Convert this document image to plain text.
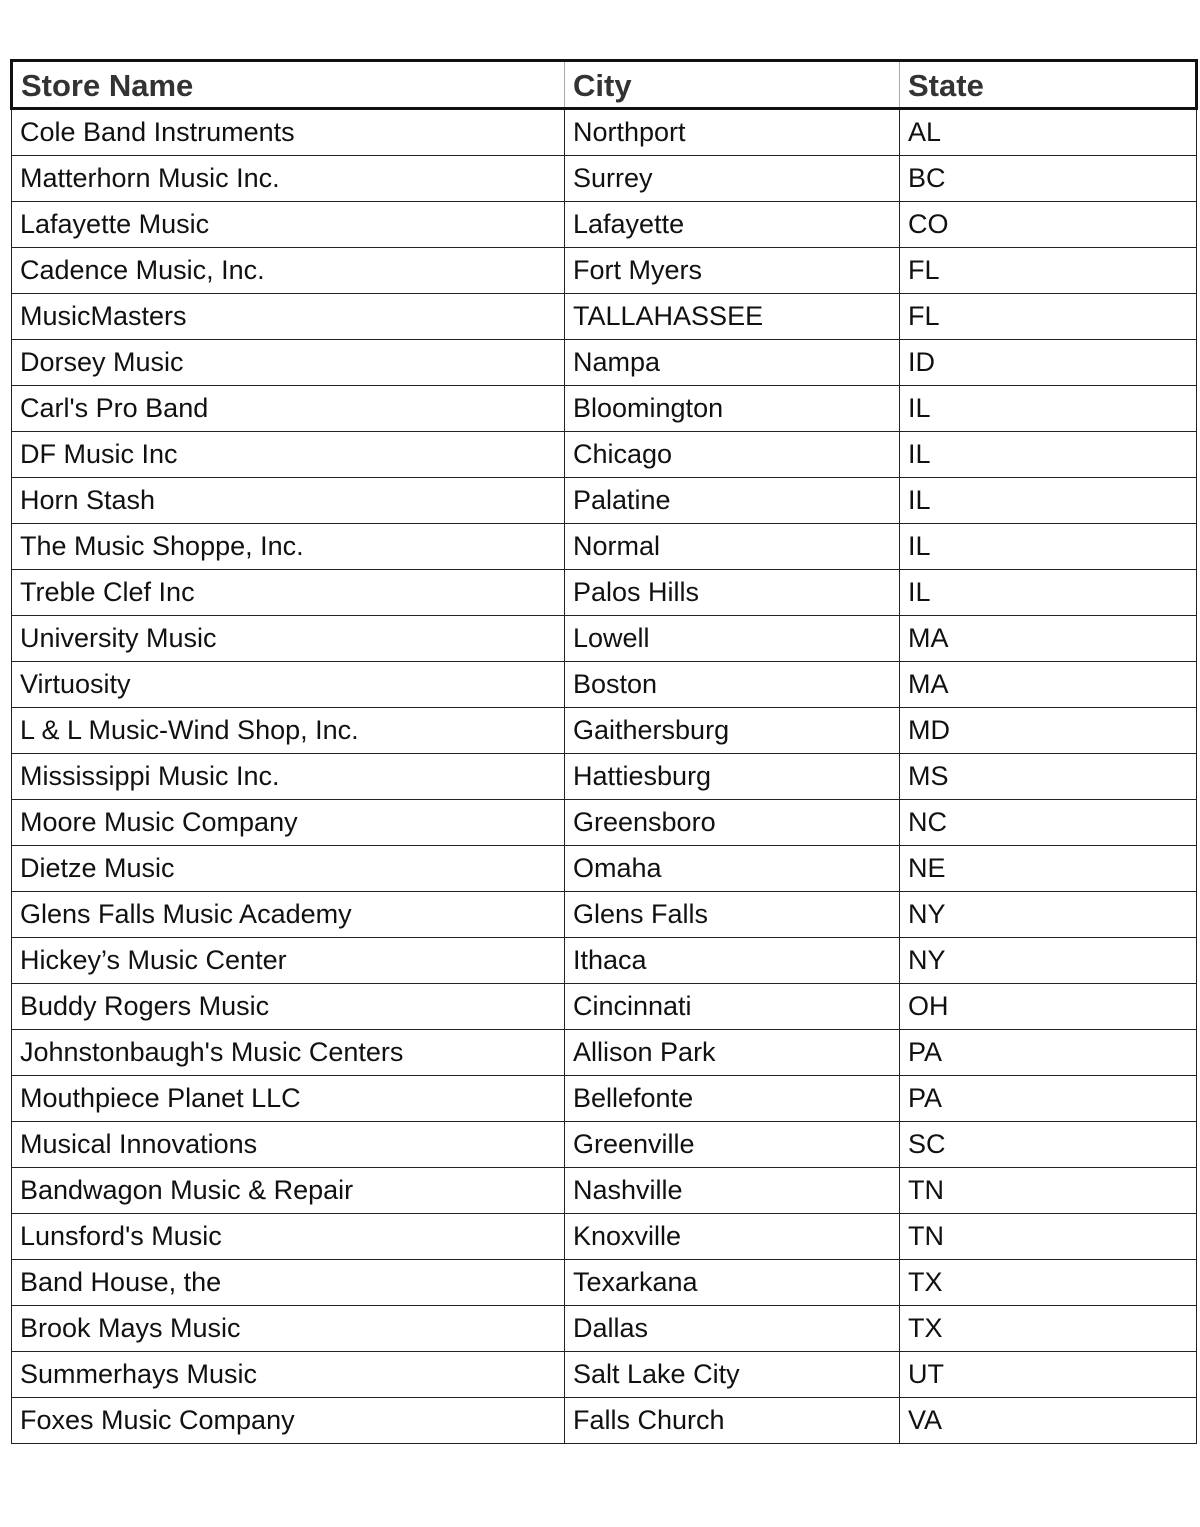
Store Name	City	State
Cole Band Instruments	Northport	AL
Matterhorn Music Inc.	Surrey	BC
Lafayette Music	Lafayette	CO
Cadence Music, Inc.	Fort Myers	FL
MusicMasters	TALLAHASSEE	FL
Dorsey Music	Nampa	ID
Carl's Pro Band	Bloomington	IL
DF Music Inc	Chicago	IL
Horn Stash	Palatine	IL
The Music Shoppe, Inc.	Normal	IL
Treble Clef Inc	Palos Hills	IL
University Music	Lowell	MA
Virtuosity	Boston	MA
L & L Music-Wind Shop, Inc.	Gaithersburg	MD
Mississippi Music Inc.	Hattiesburg	MS
Moore Music Company	Greensboro	NC
Dietze Music	Omaha	NE
Glens Falls Music Academy	Glens Falls	NY
Hickey’s Music Center	Ithaca	NY
Buddy Rogers Music	Cincinnati	OH
Johnstonbaugh's Music Centers	Allison Park	PA
Mouthpiece Planet LLC	Bellefonte	PA
Musical Innovations	Greenville	SC
Bandwagon Music & Repair	Nashville	TN
Lunsford's Music	Knoxville	TN
Band House, the	Texarkana	TX
Brook Mays Music	Dallas	TX
Summerhays Music	Salt Lake City	UT
Foxes Music Company	Falls Church	VA
